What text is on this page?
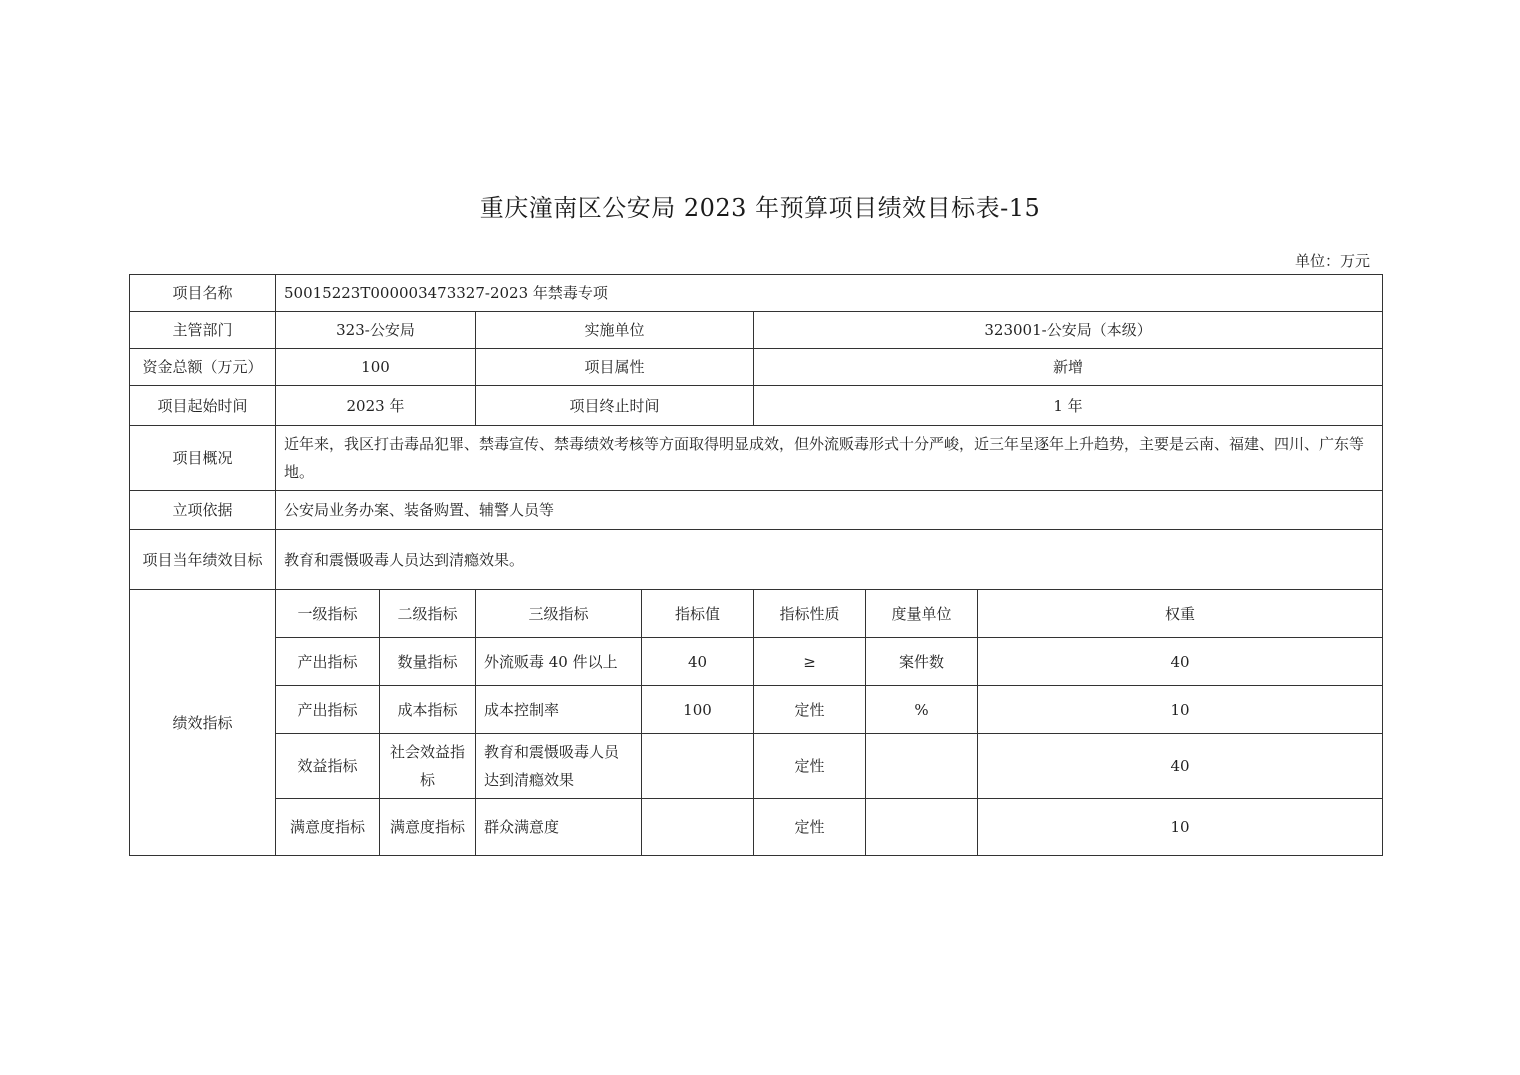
重庆潼南区公安局 2023 年预算项目绩效目标表-15
单位：万元
项目名称	50015223T000003473327-2023 年禁毒专项						
主管部门	323-公安局		实施单位		323001-公安局（本级）		
资金总额（万元）	100		项目属性		新增		
项目起始时间	2023 年		项目终止时间		1 年		
项目概况	近年来，我区打击毒品犯罪、禁毒宣传、禁毒绩效考核等方面取得明显成效，但外流贩毒形式十分严峻，近三年呈逐年上升趋势，主要是云南、福建、四川、广东等地。						
立项依据	公安局业务办案、装备购置、辅警人员等						
项目当年绩效目标	教育和震慑吸毒人员达到清瘾效果。						
绩效指标	一级指标	二级指标	三级指标	指标值	指标性质	度量单位	权重
	产出指标	数量指标	外流贩毒 40 件以上	40	≥	案件数	40
	产出指标	成本指标	成本控制率	100	定性	%	10
	效益指标	社会效益指标	教育和震慑吸毒人员达到清瘾效果		定性		40
	满意度指标	满意度指标	群众满意度		定性		10
